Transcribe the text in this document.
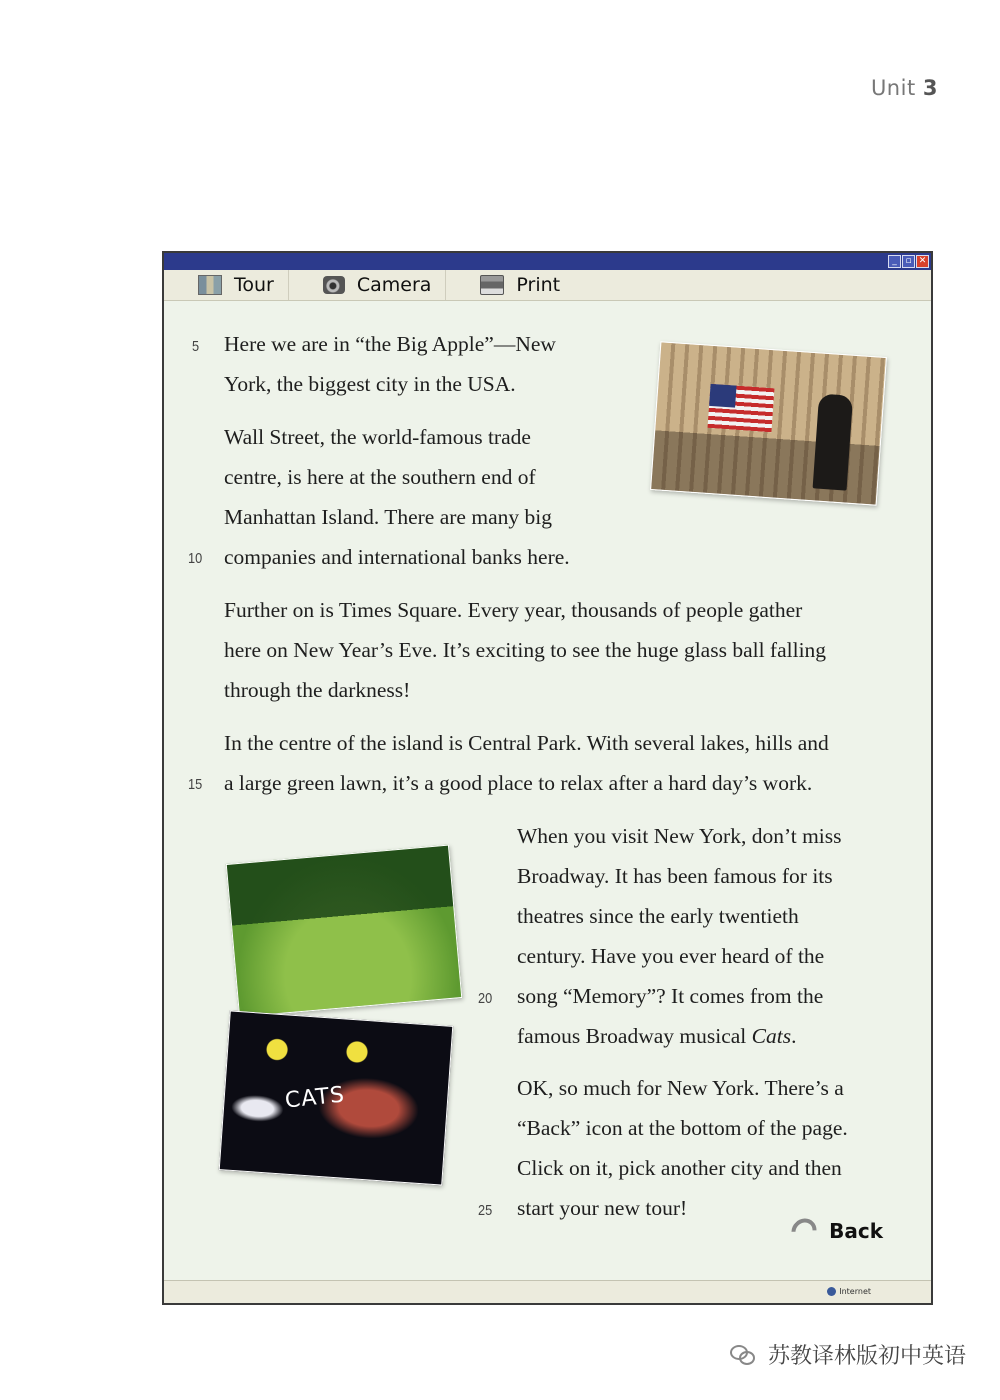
Unit 3
_ ▫ ✕
Tour	Camera	Print
CATS
5
10
15
20
25
Here we are in “the Big Apple”—New
York, the biggest city in the USA.
Wall Street, the world-famous trade
centre, is here at the southern end of
Manhattan Island. There are many big
companies and international banks here.
Further on is Times Square. Every year, thousands of people gather
here on New Year’s Eve. It’s exciting to see the huge glass ball falling
through the darkness!
In the centre of the island is Central Park. With several lakes, hills and
a large green lawn, it’s a good place to relax after a hard day’s work.
When you visit New York, don’t miss
Broadway. It has been famous for its
theatres since the early twentieth
century. Have you ever heard of the
song “Memory”? It comes from the
famous Broadway musical Cats.
OK, so much for New York. There’s a
“Back” icon at the bottom of the page.
Click on it, pick another city and then
start your new tour!
Back
Internet
苏教译林版初中英语
